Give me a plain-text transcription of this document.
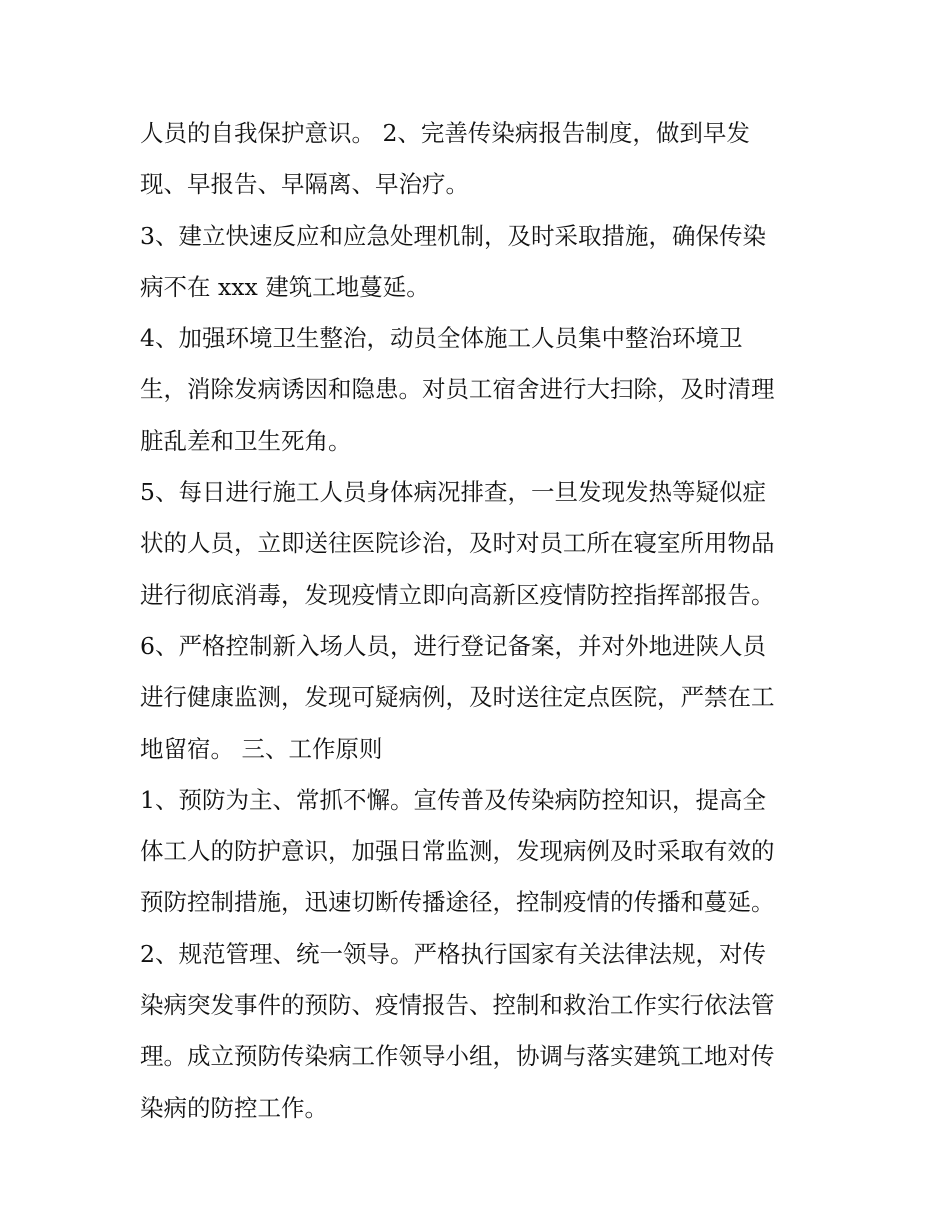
人员的自我保护意识。 2、完善传染病报告制度，做到早发
现、早报告、早隔离、早治疗。
3、建立快速反应和应急处理机制，及时采取措施，确保传染
病不在 xxx 建筑工地蔓延。
4、加强环境卫生整治，动员全体施工人员集中整治环境卫
生，消除发病诱因和隐患。对员工宿舍进行大扫除，及时清理
脏乱差和卫生死角。
5、每日进行施工人员身体病况排查，一旦发现发热等疑似症
状的人员，立即送往医院诊治，及时对员工所在寝室所用物品
进行彻底消毒，发现疫情立即向高新区疫情防控指挥部报告。
6、严格控制新入场人员，进行登记备案，并对外地进陕人员
进行健康监测，发现可疑病例，及时送往定点医院，严禁在工
地留宿。 三、工作原则
1、预防为主、常抓不懈。宣传普及传染病防控知识，提高全
体工人的防护意识，加强日常监测，发现病例及时采取有效的
预防控制措施，迅速切断传播途径，控制疫情的传播和蔓延。
2、规范管理、统一领导。严格执行国家有关法律法规，对传
染病突发事件的预防、疫情报告、控制和救治工作实行依法管
理。成立预防传染病工作领导小组，协调与落实建筑工地对传
染病的防控工作。
